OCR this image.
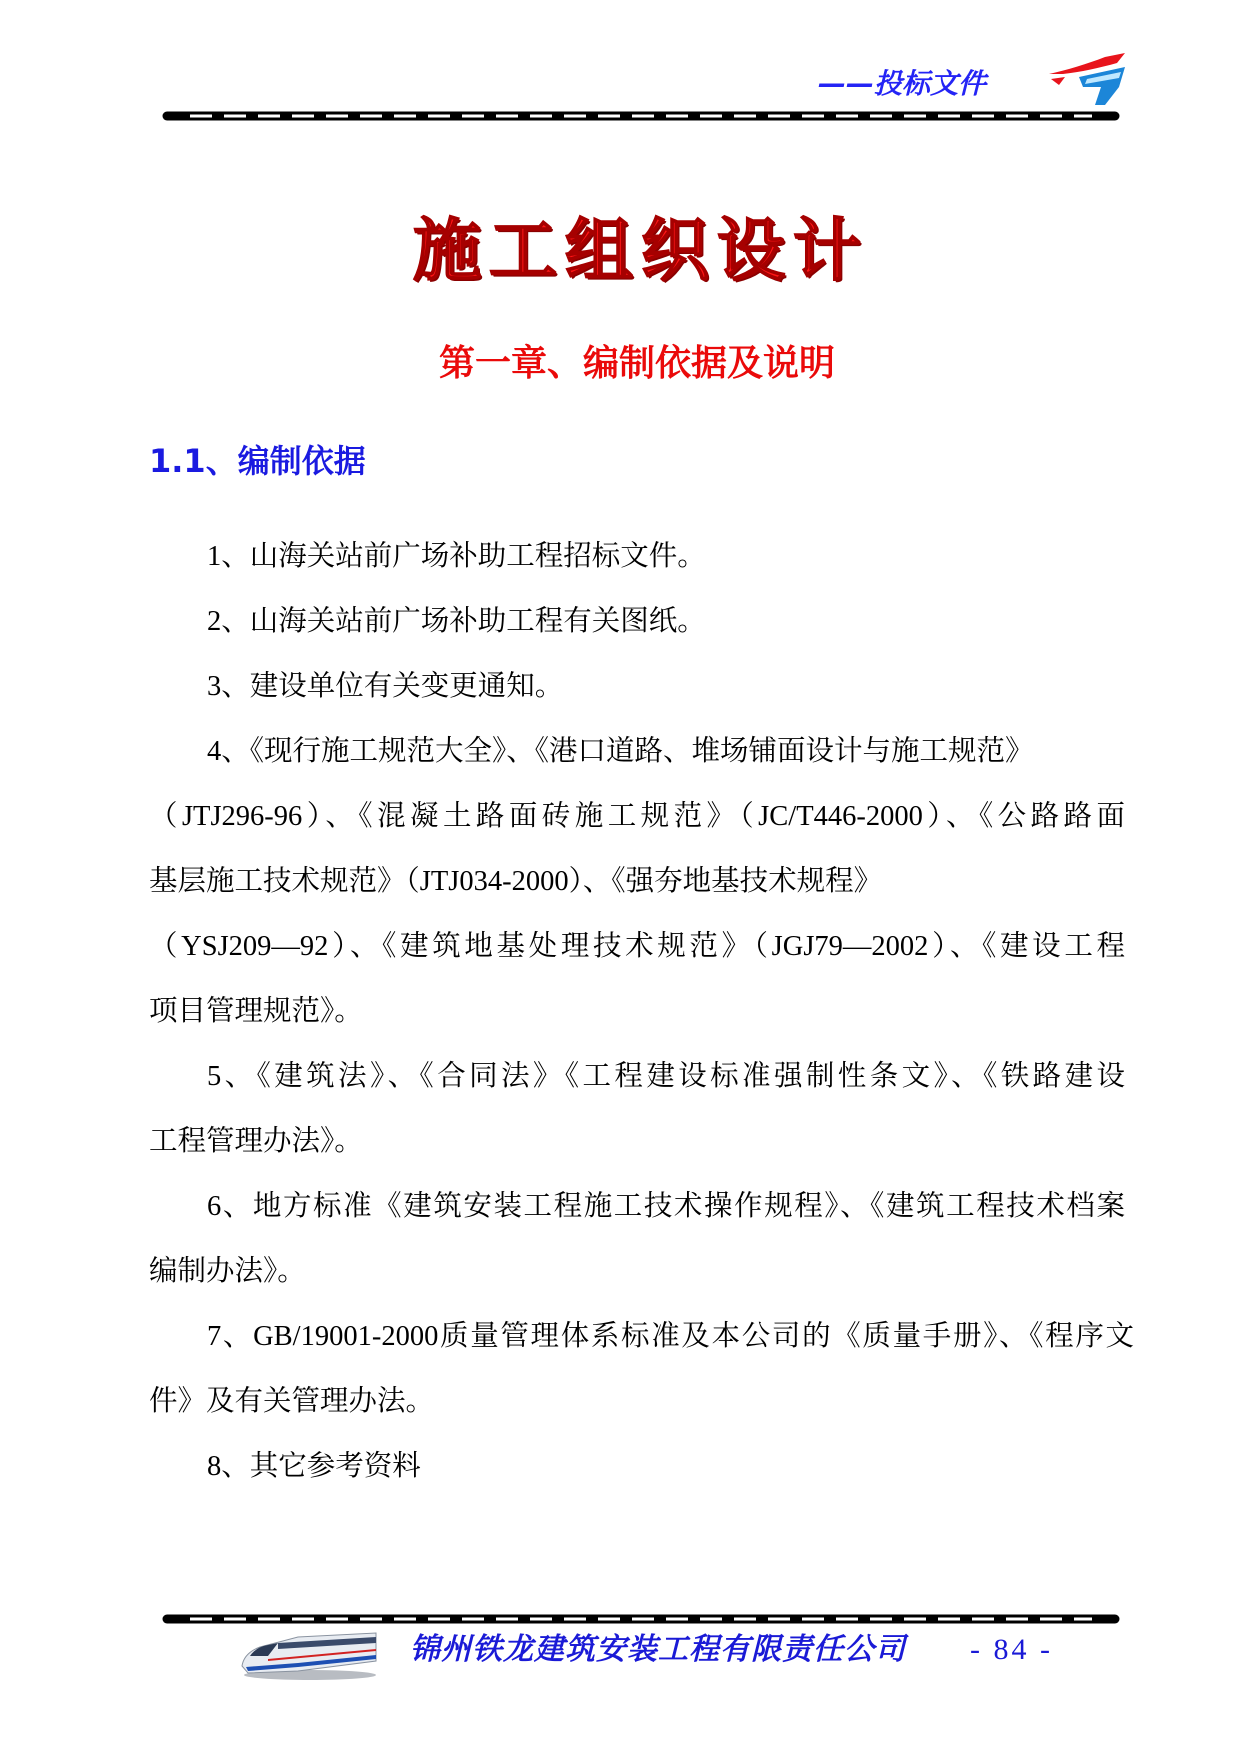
——投标文件
施工组织设计
第一章、编制依据及说明
1.1、编制依据
1、山海关站前广场补助工程招标文件。
2、山海关站前广场补助工程有关图纸。
3、建设单位有关变更通知。
4、《现行施工规范大全》、《港口道路、堆场铺面设计与施工规范》
（JTJ296-96）、《混凝土路面砖施工规范》（JC/T446-2000）、《公路路面
基层施工技术规范》（JTJ034-2000）、《强夯地基技术规程》
（YSJ209—92）、《建筑地基处理技术规范》（JGJ79—2002）、《建设工程
项目管理规范》。
5、《建筑法》、《合同法》《工程建设标准强制性条文》、《铁路建设
工程管理办法》。
6、地方标准《建筑安装工程施工技术操作规程》、《建筑工程技术档案
编制办法》。
7、GB/19001-2000质量管理体系标准及本公司的《质量手册》、《程序文
件》及有关管理办法。
8、其它参考资料
锦州铁龙建筑安装工程有限责任公司 - 84 -
